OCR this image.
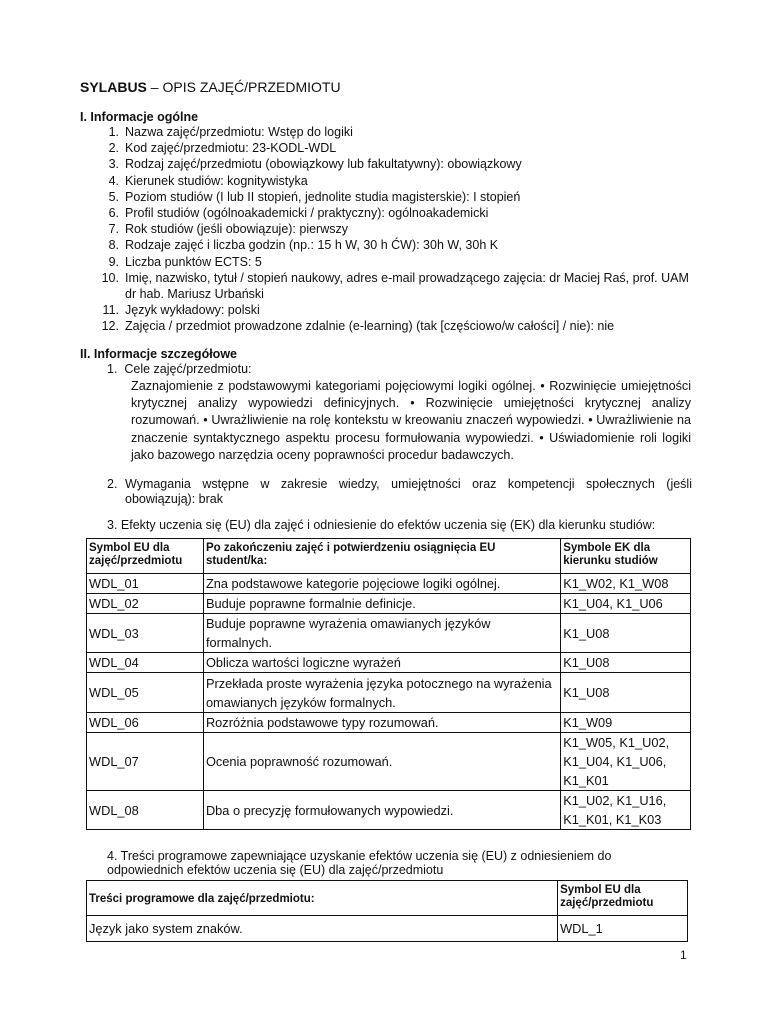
SYLABUS – OPIS ZAJĘĆ/PRZEDMIOTU
I. Informacje ogólne
1. Nazwa zajęć/przedmiotu: Wstęp do logiki
2. Kod zajęć/przedmiotu: 23-KODL-WDL
3. Rodzaj zajęć/przedmiotu (obowiązkowy lub fakultatywny): obowiązkowy
4. Kierunek studiów: kognitywistyka
5. Poziom studiów (I lub II stopień, jednolite studia magisterskie): I stopień
6. Profil studiów (ogólnoakademicki / praktyczny): ogólnoakademicki
7. Rok studiów (jeśli obowiązuje): pierwszy
8. Rodzaje zajęć i liczba godzin (np.: 15 h W, 30 h ĆW): 30h W, 30h K
9. Liczba punktów ECTS: 5
10. Imię, nazwisko, tytuł / stopień naukowy, adres e-mail prowadzącego zajęcia: dr Maciej Raś, prof. UAM dr hab. Mariusz Urbański
11. Język wykładowy: polski
12. Zajęcia / przedmiot prowadzone zdalnie (e-learning) (tak [częściowo/w całości] / nie): nie
II. Informacje szczegółowe
1.  Cele zajęć/przedmiotu:
Zaznajomienie z podstawowymi kategoriami pojęciowymi logiki ogólnej. • Rozwinięcie umiejętności krytycznej analizy wypowiedzi definicyjnych. • Rozwinięcie umiejętności krytycznej analizy rozumowań. • Uwrażliwienie na rolę kontekstu w kreowaniu znaczeń wypowiedzi. • Uwrażliwienie na znaczenie syntaktycznego aspektu procesu formułowania wypowiedzi. • Uświadomienie roli logiki jako bazowego narzędzia oceny poprawności procedur badawczych.
2. Wymagania wstępne w zakresie wiedzy, umiejętności oraz kompetencji społecznych (jeśli obowiązują): brak
3. Efekty uczenia się (EU) dla zajęć i odniesienie do efektów uczenia się (EK) dla kierunku studiów:
Symbol EU dla zajęć/przedmiotu	Po zakończeniu zajęć i potwierdzeniu osiągnięcia EU student/ka:	Symbole EK dla kierunku studiów
WDL_01	Zna podstawowe kategorie pojęciowe logiki ogólnej.	K1_W02, K1_W08
WDL_02	Buduje poprawne formalnie definicje.	K1_U04, K1_U06
WDL_03	Buduje poprawne wyrażenia omawianych języków formalnych.	K1_U08
WDL_04	Oblicza wartości logiczne wyrażeń	K1_U08
WDL_05	Przekłada proste wyrażenia języka potocznego na wyrażenia omawianych języków formalnych.	K1_U08
WDL_06	Rozróżnia podstawowe typy rozumowań.	K1_W09
WDL_07	Ocenia poprawność rozumowań.	K1_W05, K1_U02, K1_U04, K1_U06, K1_K01
WDL_08	Dba o precyzję formułowanych wypowiedzi.	K1_U02, K1_U16, K1_K01, K1_K03
4. Treści programowe zapewniające uzyskanie efektów uczenia się (EU) z odniesieniem do odpowiednich efektów uczenia się (EU) dla zajęć/przedmiotu
Treści programowe dla zajęć/przedmiotu:	Symbol EU dla zajęć/przedmiotu
Język jako system znaków.	WDL_1
1
